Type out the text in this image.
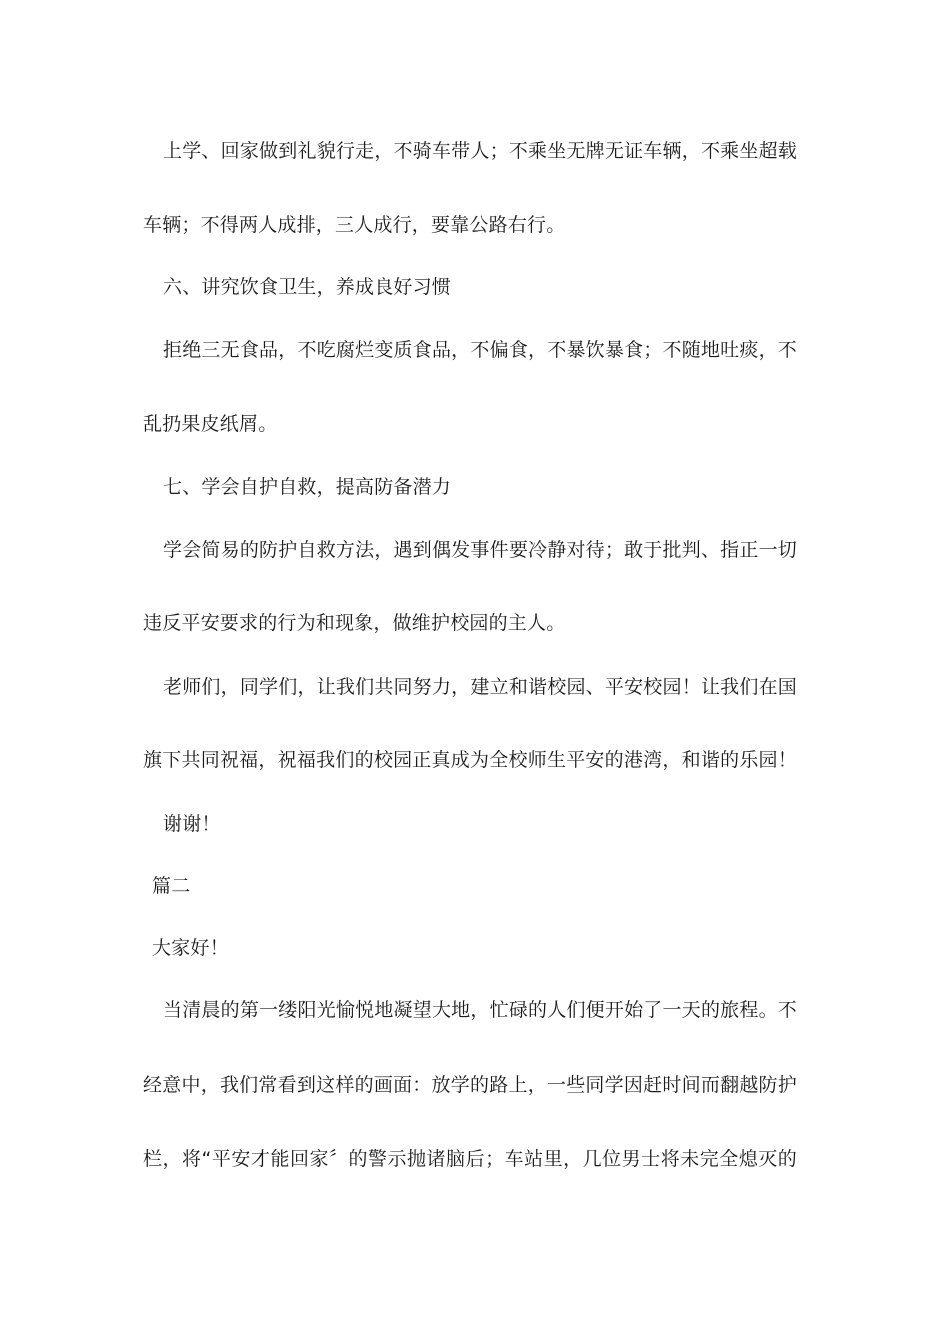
上学、回家做到礼貌行走，不骑车带人；不乘坐无牌无证车辆，不乘坐超载
车辆；不得两人成排，三人成行，要靠公路右行。
六、讲究饮食卫生，养成良好习惯
拒绝三无食品，不吃腐烂变质食品，不偏食，不暴饮暴食；不随地吐痰，不
乱扔果皮纸屑。
七、学会自护自救，提高防备潜力
学会简易的防护自救方法，遇到偶发事件要冷静对待；敢于批判、指正一切
违反平安要求的行为和现象，做维护校园的主人。
老师们，同学们，让我们共同努力，建立和谐校园、平安校园！让我们在国
旗下共同祝福，祝福我们的校园正真成为全校师生平安的港湾，和谐的乐园！
谢谢！
篇二
大家好！
当清晨的第一缕阳光愉悦地凝望大地，忙碌的人们便开始了一天的旅程。不
经意中，我们常看到这样的画面：放学的路上，一些同学因赶时间而翻越防护
栏，将“平安才能回家〞的警示抛诸脑后；车站里，几位男士将未完全熄灭的
